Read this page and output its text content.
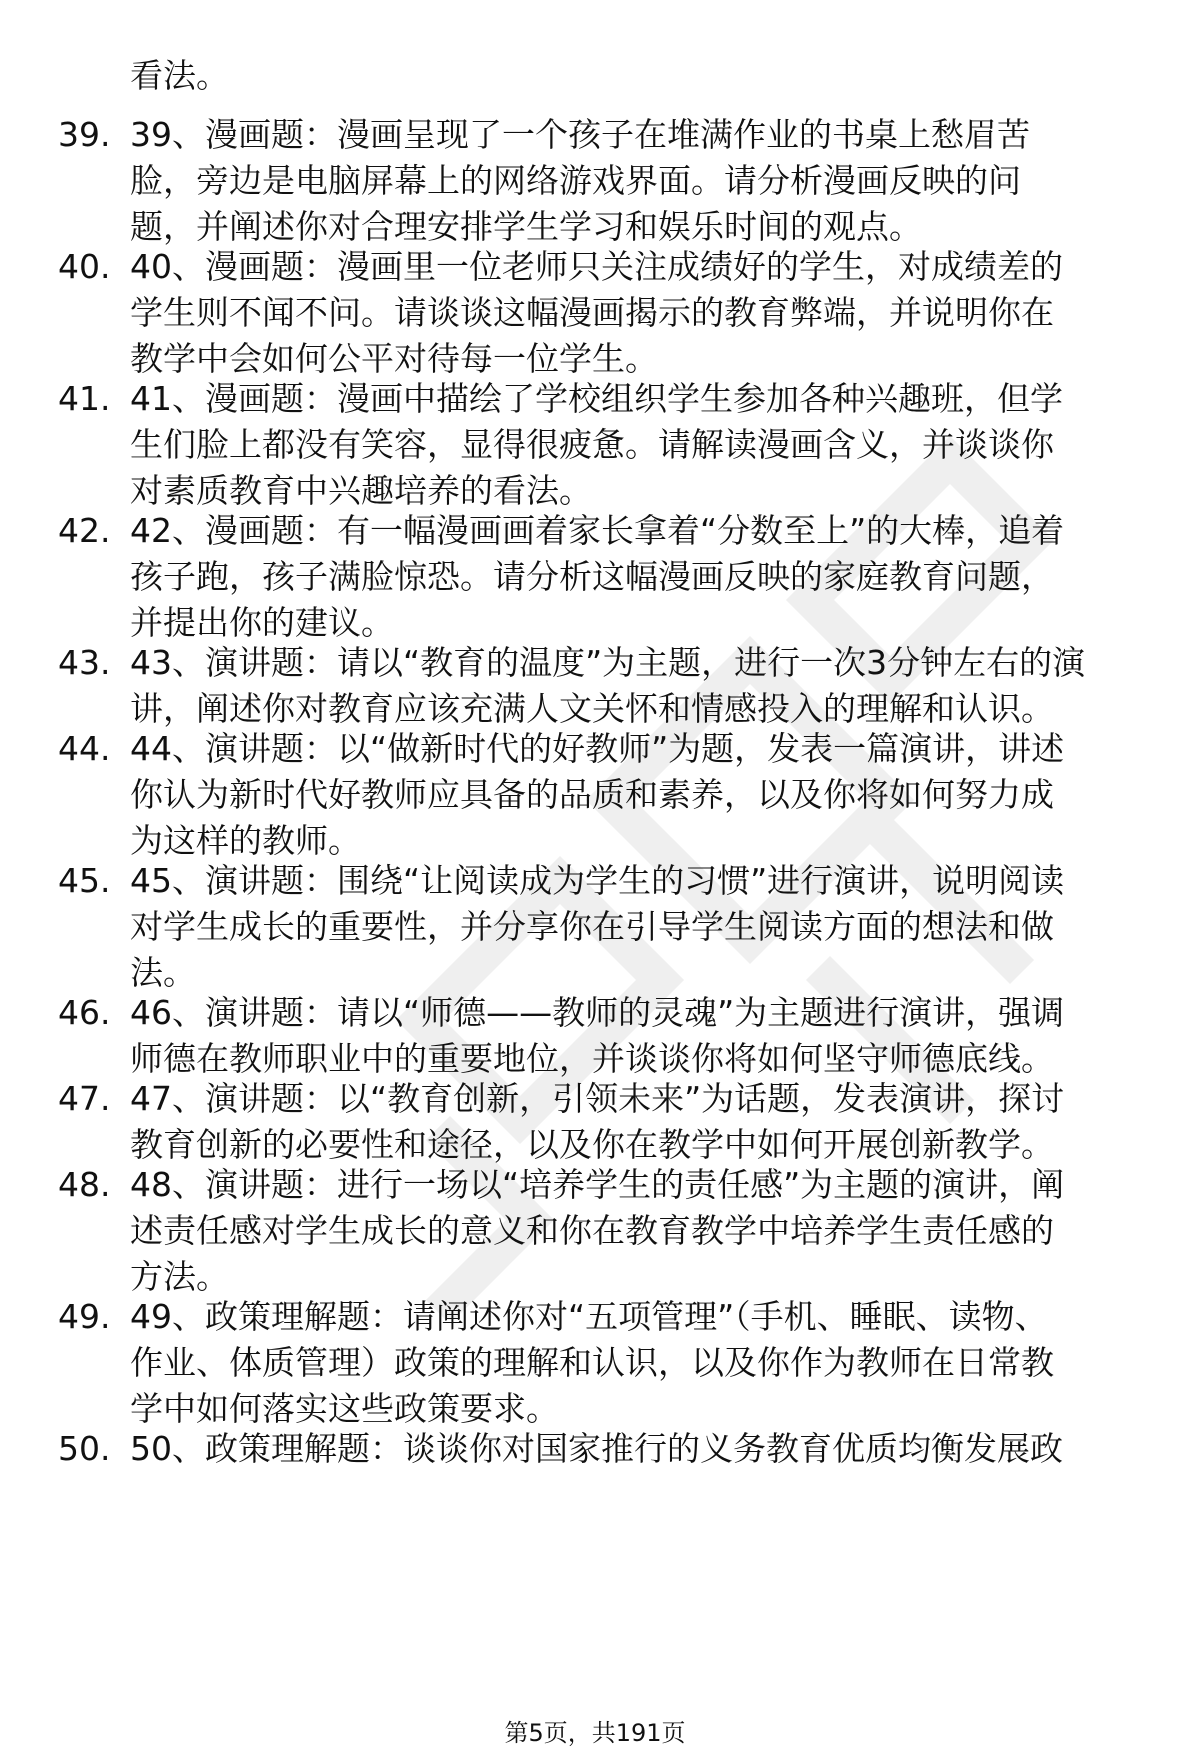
看法。

39. 39、漫画题：漫画呈现了一个孩子在堆满作业的书桌上愁眉苦
脸，旁边是电脑屏幕上的网络游戏界面。请分析漫画反映的问
题，并阐述你对合理安排学生学习和娱乐时间的观点。

40. 40、漫画题：漫画里一位老师只关注成绩好的学生，对成绩差的
学生则不闻不问。请谈谈这幅漫画揭示的教育弊端，并说明你在
教学中会如何公平对待每一位学生。

41. 41、漫画题：漫画中描绘了学校组织学生参加各种兴趣班，但学
生们脸上都没有笑容，显得很疲惫。请解读漫画含义，并谈谈你
对素质教育中兴趣培养的看法。

42. 42、漫画题：有一幅漫画画着家长拿着“分数至上”的大棒，追着
孩子跑，孩子满脸惊恐。请分析这幅漫画反映的家庭教育问题，
并提出你的建议。

43. 43、演讲题：请以“教育的温度”为主题，进行一次3分钟左右的演
讲，阐述你对教育应该充满人文关怀和情感投入的理解和认识。

44. 44、演讲题：以“做新时代的好教师”为题，发表一篇演讲，讲述
你认为新时代好教师应具备的品质和素养，以及你将如何努力成
为这样的教师。

45. 45、演讲题：围绕“让阅读成为学生的习惯”进行演讲，说明阅读
对学生成长的重要性，并分享你在引导学生阅读方面的想法和做
法。

46. 46、演讲题：请以“师德——教师的灵魂”为主题进行演讲，强调
师德在教师职业中的重要地位，并谈谈你将如何坚守师德底线。

47. 47、演讲题：以“教育创新，引领未来”为话题，发表演讲，探讨
教育创新的必要性和途径，以及你在教学中如何开展创新教学。

48. 48、演讲题：进行一场以“培养学生的责任感”为主题的演讲，阐
述责任感对学生成长的意义和你在教育教学中培养学生责任感的
方法。

49. 49、政策理解题：请阐述你对“五项管理”（手机、睡眠、读物、
作业、体质管理）政策的理解和认识，以及你作为教师在日常教
学中如何落实这些政策要求。

50. 50、政策理解题：谈谈你对国家推行的义务教育优质均衡发展政

第5页，共191页
